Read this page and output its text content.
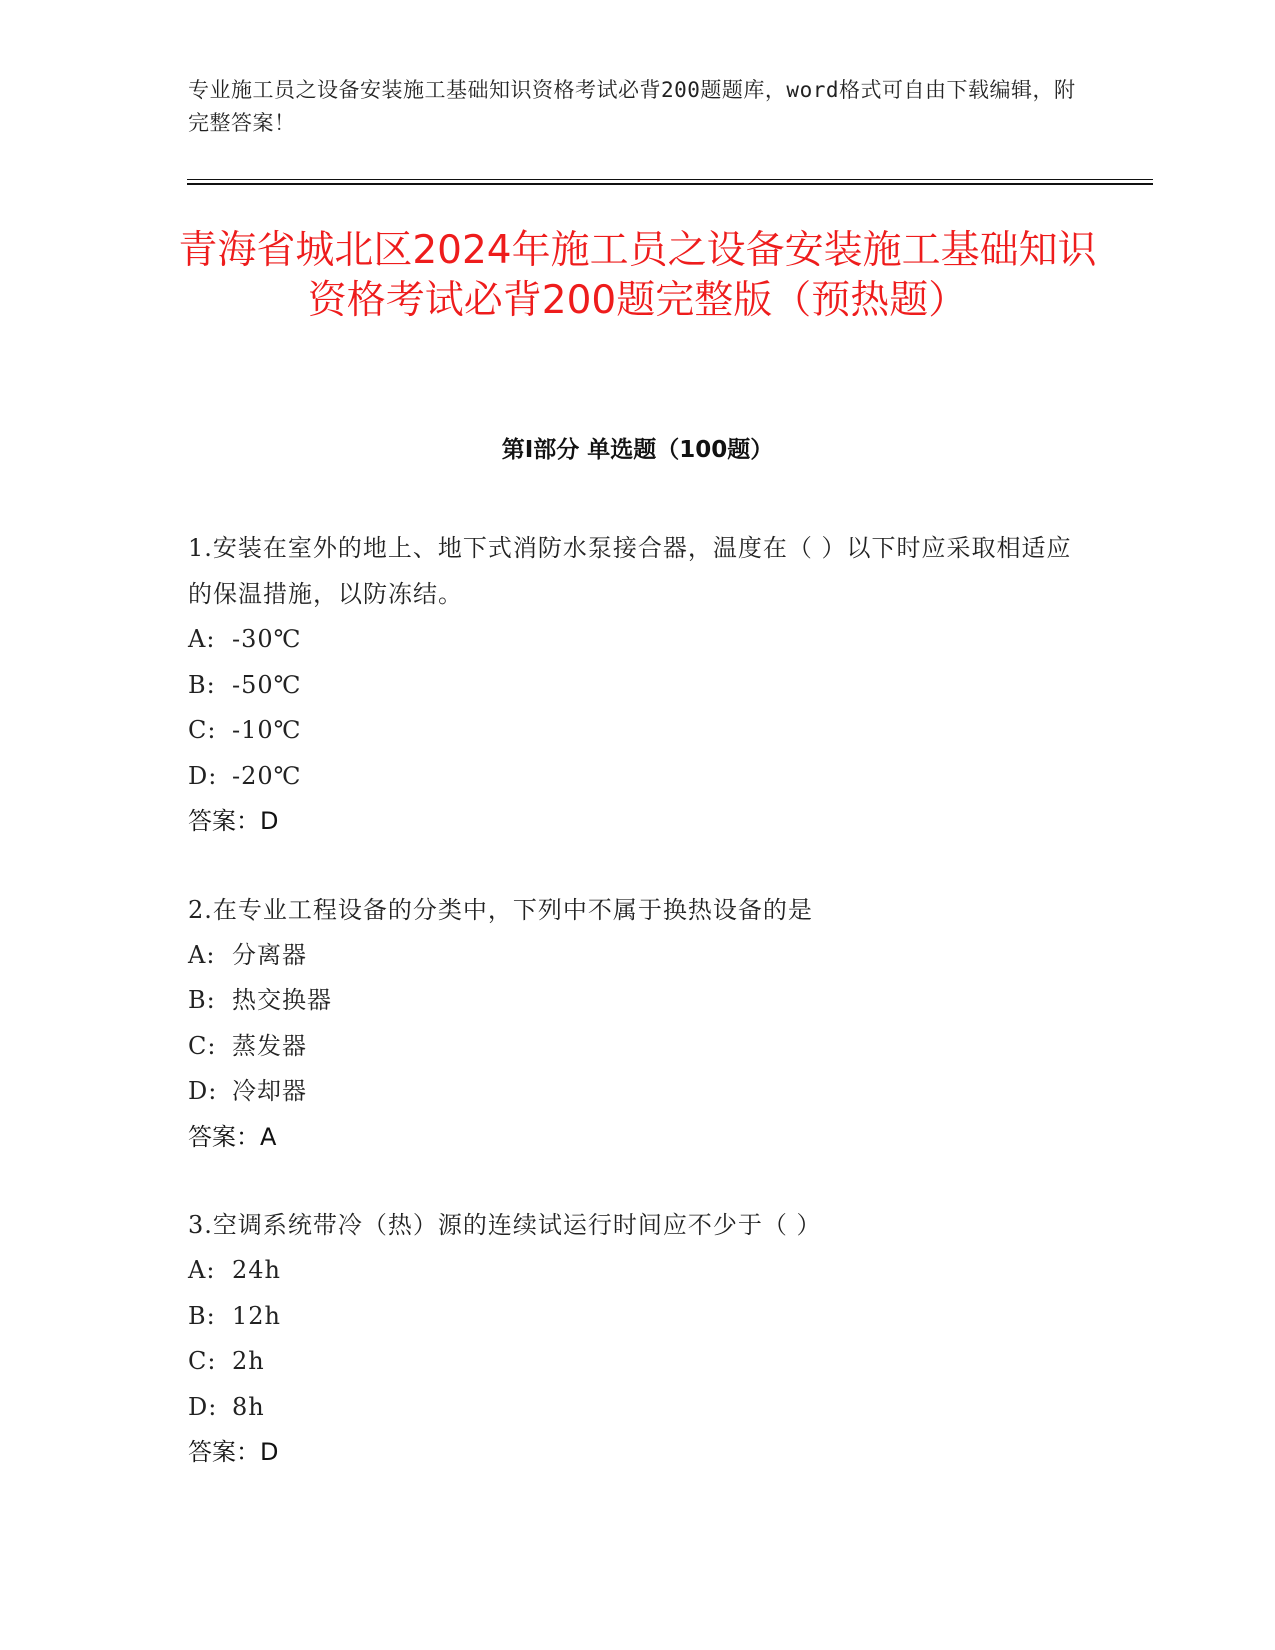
专业施工员之设备安装施工基础知识资格考试必背200题题库，word格式可自由下载编辑，附完整答案！
青海省城北区2024年施工员之设备安装施工基础知识资格考试必背200题完整版（预热题）
第I部分 单选题（100题）

1.安装在室外的地上、地下式消防水泵接合器，温度在（ ）以下时应采取相适应的保温措施，以防冻结。

A: -30℃

B: -50℃

C: -10℃

D: -20℃

答案：D

2.在专业工程设备的分类中，下列中不属于换热设备的是

A: 分离器

B: 热交换器

C: 蒸发器

D: 冷却器

答案：A

3.空调系统带冷（热）源的连续试运行时间应不少于（ ）

A: 24h

B: 12h

C: 2h

D: 8h

答案：D
